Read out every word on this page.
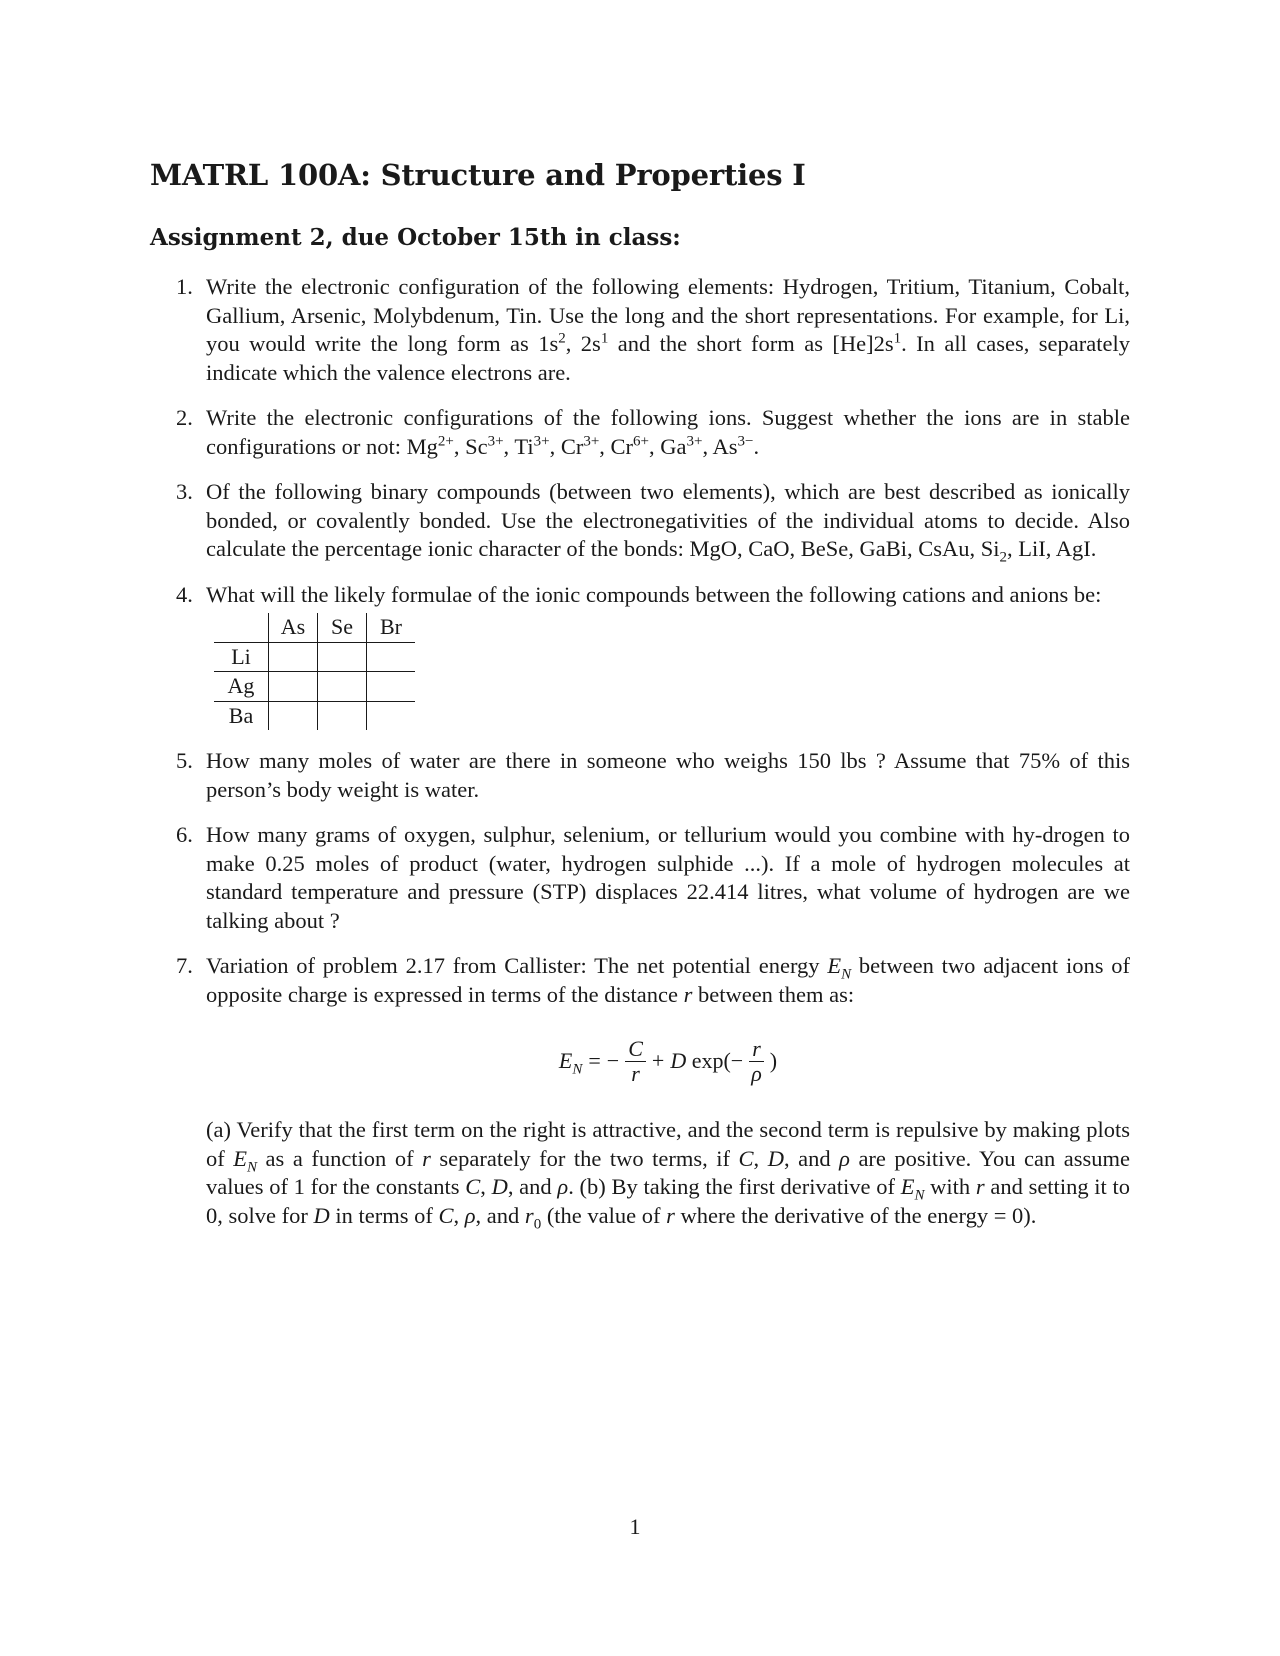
MATRL 100A: Structure and Properties I
Assignment 2, due October 15th in class:
1. Write the electronic configuration of the following elements: Hydrogen, Tritium, Titanium, Cobalt, Gallium, Arsenic, Molybdenum, Tin. Use the long and the short representations. For example, for Li, you would write the long form as $1s^2$, $2s^1$ and the short form as $[He]2s^1$. In all cases, separately indicate which the valence electrons are.
2. Write the electronic configurations of the following ions. Suggest whether the ions are in stable configurations or not: $Mg^{2+}$, $Sc^{3+}$, $Ti^{3+}$, $Cr^{3+}$, $Cr^{6+}$, $Ga^{3+}$, $As^{3-}$.
3. Of the following binary compounds (between two elements), which are best described as ionically bonded, or covalently bonded. Use the electronegativities of the individual atoms to decide. Also calculate the percentage ionic character of the bonds: MgO, CaO, BeSe, GaBi, CsAu, $Si_2$, LiI, AgI.
4. What will the likely formulae of the ionic compounds between the following cations and anions be:
	As	Se	Br
Li			
Ag			
Ba			
5. How many moles of water are there in someone who weighs 150 lbs ? Assume that 75% of this person’s body weight is water.
6. How many grams of oxygen, sulphur, selenium, or tellurium would you combine with hy-drogen to make 0.25 moles of product (water, hydrogen sulphide ...). If a mole of hydrogen molecules at standard temperature and pressure (STP) displaces 22.414 litres, what volume of hydrogen are we talking about ?
7. Variation of problem 2.17 from Callister: The net potential energy $E_N$ between two adjacent ions of opposite charge is expressed in terms of the distance r between them as:
$E_N$ = − $\frac{C}{r} + D$ $\exp(- \frac{r}{\rho}$ )
(a) Verify that the first term on the right is attractive, and the second term is repulsive by making plots of $E_N$ as a function of r separately for the two terms, if C, D, and ρ are positive. You can assume values of 1 for the constants C, D, and ρ. (b) By taking the first derivative of $E_N$ with r and setting it to 0, solve for D in terms of C, ρ, and $r_0$ (the value of r where the derivative of the energy = 0).
1
